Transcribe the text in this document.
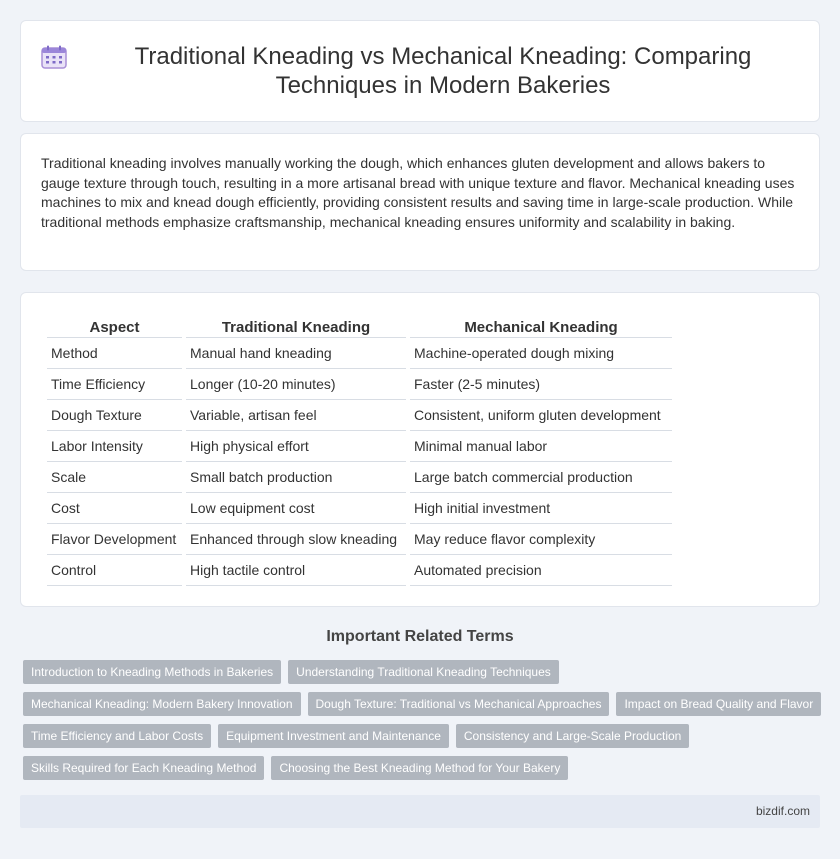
Traditional Kneading vs Mechanical Kneading: Comparing Techniques in Modern Bakeries

Traditional kneading involves manually working the dough, which enhances gluten development and allows bakers to gauge texture through touch, resulting in a more artisanal bread with unique texture and flavor. Mechanical kneading uses machines to mix and knead dough efficiently, providing consistent results and saving time in large-scale production. While traditional methods emphasize craftsmanship, mechanical kneading ensures uniformity and scalability in baking.

Aspect	Traditional Kneading	Mechanical Kneading
Method	Manual hand kneading	Machine-operated dough mixing
Time Efficiency	Longer (10-20 minutes)	Faster (2-5 minutes)
Dough Texture	Variable, artisan feel	Consistent, uniform gluten development
Labor Intensity	High physical effort	Minimal manual labor
Scale	Small batch production	Large batch commercial production
Cost	Low equipment cost	High initial investment
Flavor Development	Enhanced through slow kneading	May reduce flavor complexity
Control	High tactile control	Automated precision
Important Related Terms
Introduction to Kneading Methods in Bakeries	Understanding Traditional Kneading Techniques
Mechanical Kneading: Modern Bakery Innovation	Dough Texture: Traditional vs Mechanical Approaches	Impact on Bread Quality and Flavor
Time Efficiency and Labor Costs	Equipment Investment and Maintenance	Consistency and Large-Scale Production
Skills Required for Each Kneading Method	Choosing the Best Kneading Method for Your Bakery
bizdif.com
